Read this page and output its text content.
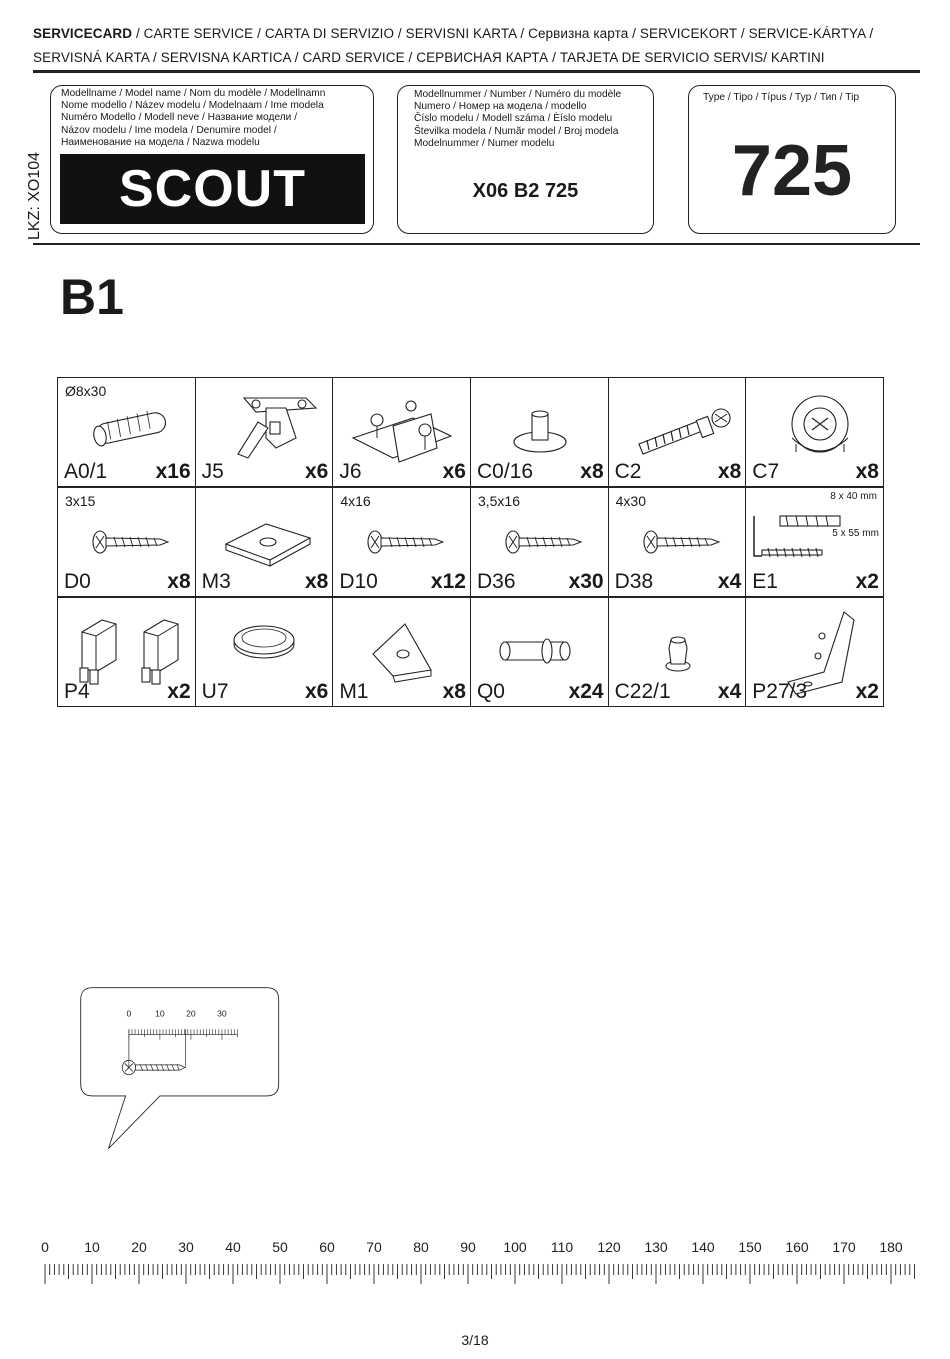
SERVICECARD / CARTE SERVICE / CARTA DI SERVIZIO / SERVISNI KARTA / Сервизна карта / SERVICEKORT / SERVICE-KÁRTYA /
SERVISNÁ KARTA / SERVISNA KARTICA / CARD SERVICE / СЕРВИСНАЯ КАРТА / TARJETA DE SERVICIO SERVIS/ KARTINI
LKZ: XO104
Modellname / Model name / Nom du modèle / Modellnamn
Nome modello / Název modelu / Modelnaam / Ime modela
Numéro Modello / Modell neve / Название модели /
Názov modelu / Ime modela / Denumire model /
Наименование на модела / Nazwa modelu
SCOUT
Modellnummer / Number / Numéro du modèle
Numero / Номер на модела / modello
Číslo modelu / Modell száma / Èíslo modelu
Številka modela / Numãr model / Broj modela
Modelnummer / Numer modelu
X06 B2 725
Type / Tipo / Típus / Typ / Тип / Tip
725
B1
Ø8x30
A0/1 x16 J5	x6 J6	x6 C0/16 x8 C2	x8 C7	x8
3x15
D0	x8 M3	x8
4x16
D10	x12
3,5x16
D36	x30
4x30
D38	x4 E1	x2
8 x 40 mm
5 x 55 mm
P4	x2 U7	x6 M1	x8 Q0	x24 C22/1 x4 P27/3 x2
0 10 20 30
0	10 20 30 40 50 60 70 80 90 100 110 120 130 140 150 160 170 180
3/18
